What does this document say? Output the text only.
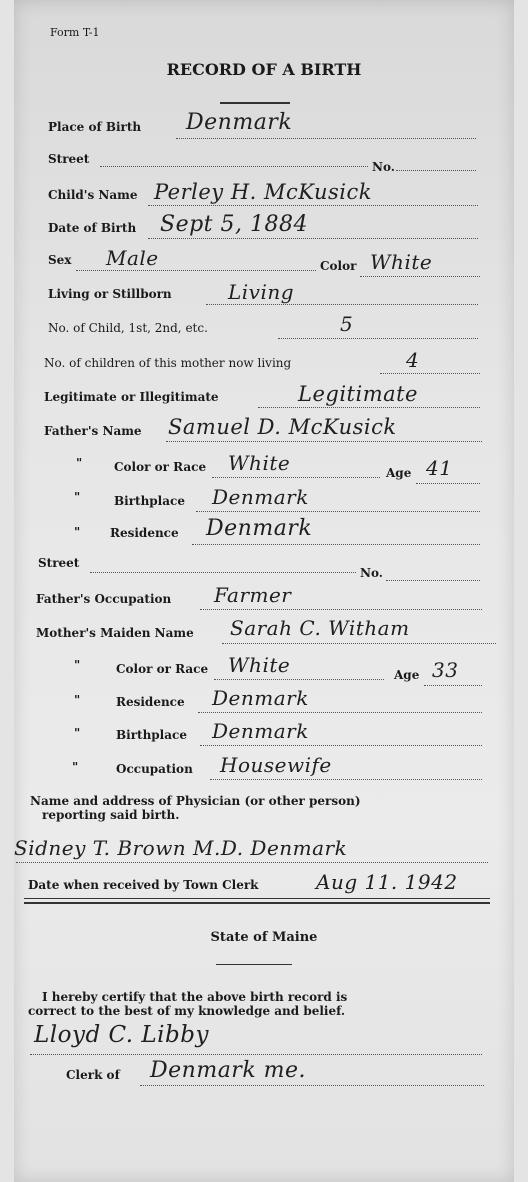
Form T-1
RECORD OF A BIRTH
Place of Birth Denmark
Street
No.
Child's Name Perley H. McKusick
Date of Birth Sept 5, 1884
Sex Male	Color White
Living or Stillborn	Living
No. of Child, 1st, 2nd, etc.	5
No. of children of this mother now living	4
Legitimate or Illegitimate	Legitimate
Father's Name Samuel D. McKusick
"	Color or Race White	Age 41
"	Birthplace Denmark
" Residence Denmark
Street
No.
Father's Occupation Farmer
Mother's Maiden Name Sarah C. Witham
"	Color or Race White	Age 33
"	Residence Denmark
"	Birthplace Denmark
"	Occupation Housewife
Name and address of Physician (or other person)
reporting said birth.
Sidney T. Brown M.D. Denmark
Date when received by Town Clerk	Aug 11. 1942
State of Maine
I hereby certify that the above birth record is
correct to the best of my knowledge and belief.
Lloyd C. Libby
Clerk of Denmark me.
